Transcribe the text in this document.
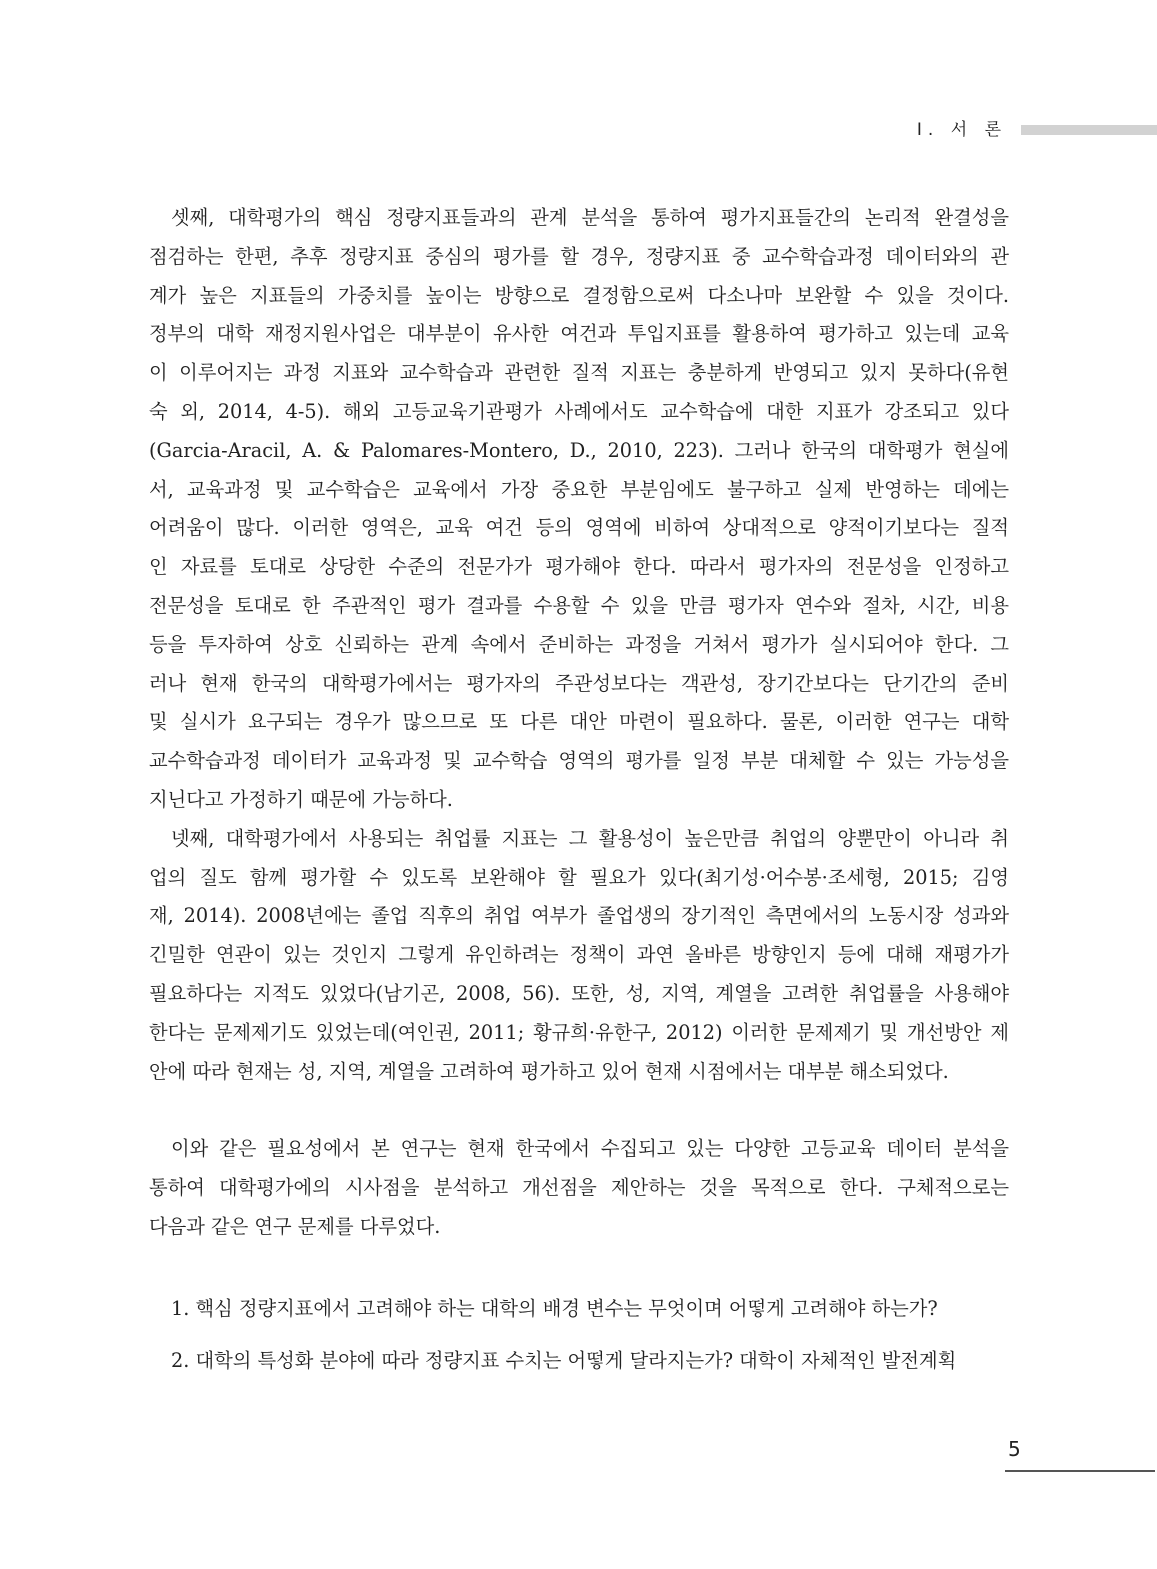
Ⅰ. 서 론

셋째, 대학평가의 핵심 정량지표들과의 관계 분석을 통하여 평가지표들간의 논리적 완결성을

점검하는 한편, 추후 정량지표 중심의 평가를 할 경우, 정량지표 중 교수학습과정 데이터와의 관

계가 높은 지표들의 가중치를 높이는 방향으로 결정함으로써 다소나마 보완할 수 있을 것이다.

정부의 대학 재정지원사업은 대부분이 유사한 여건과 투입지표를 활용하여 평가하고 있는데 교육

이 이루어지는 과정 지표와 교수학습과 관련한 질적 지표는 충분하게 반영되고 있지 못하다(유현

숙 외, 2014, 4-5). 해외 고등교육기관평가 사례에서도 교수학습에 대한 지표가 강조되고 있다

(Garcia-Aracil, A. & Palomares-Montero, D., 2010, 223). 그러나 한국의 대학평가 현실에

서, 교육과정 및 교수학습은 교육에서 가장 중요한 부분임에도 불구하고 실제 반영하는 데에는

어려움이 많다. 이러한 영역은, 교육 여건 등의 영역에 비하여 상대적으로 양적이기보다는 질적

인 자료를 토대로 상당한 수준의 전문가가 평가해야 한다. 따라서 평가자의 전문성을 인정하고

전문성을 토대로 한 주관적인 평가 결과를 수용할 수 있을 만큼 평가자 연수와 절차, 시간, 비용

등을 투자하여 상호 신뢰하는 관계 속에서 준비하는 과정을 거쳐서 평가가 실시되어야 한다. 그

러나 현재 한국의 대학평가에서는 평가자의 주관성보다는 객관성, 장기간보다는 단기간의 준비

및 실시가 요구되는 경우가 많으므로 또 다른 대안 마련이 필요하다. 물론, 이러한 연구는 대학

교수학습과정 데이터가 교육과정 및 교수학습 영역의 평가를 일정 부분 대체할 수 있는 가능성을

지닌다고 가정하기 때문에 가능하다.

넷째, 대학평가에서 사용되는 취업률 지표는 그 활용성이 높은만큼 취업의 양뿐만이 아니라 취

업의 질도 함께 평가할 수 있도록 보완해야 할 필요가 있다(최기성·어수봉·조세형, 2015; 김영

재, 2014). 2008년에는 졸업 직후의 취업 여부가 졸업생의 장기적인 측면에서의 노동시장 성과와

긴밀한 연관이 있는 것인지 그렇게 유인하려는 정책이 과연 올바른 방향인지 등에 대해 재평가가

필요하다는 지적도 있었다(남기곤, 2008, 56). 또한, 성, 지역, 계열을 고려한 취업률을 사용해야

한다는 문제제기도 있었는데(여인권, 2011; 황규희·유한구, 2012) 이러한 문제제기 및 개선방안 제

안에 따라 현재는 성, 지역, 계열을 고려하여 평가하고 있어 현재 시점에서는 대부분 해소되었다.

이와 같은 필요성에서 본 연구는 현재 한국에서 수집되고 있는 다양한 고등교육 데이터 분석을

통하여 대학평가에의 시사점을 분석하고 개선점을 제안하는 것을 목적으로 한다. 구체적으로는

다음과 같은 연구 문제를 다루었다.

1. 핵심 정량지표에서 고려해야 하는 대학의 배경 변수는 무엇이며 어떻게 고려해야 하는가?
2. 대학의 특성화 분야에 따라 정량지표 수치는 어떻게 달라지는가? 대학이 자체적인 발전계획
5
